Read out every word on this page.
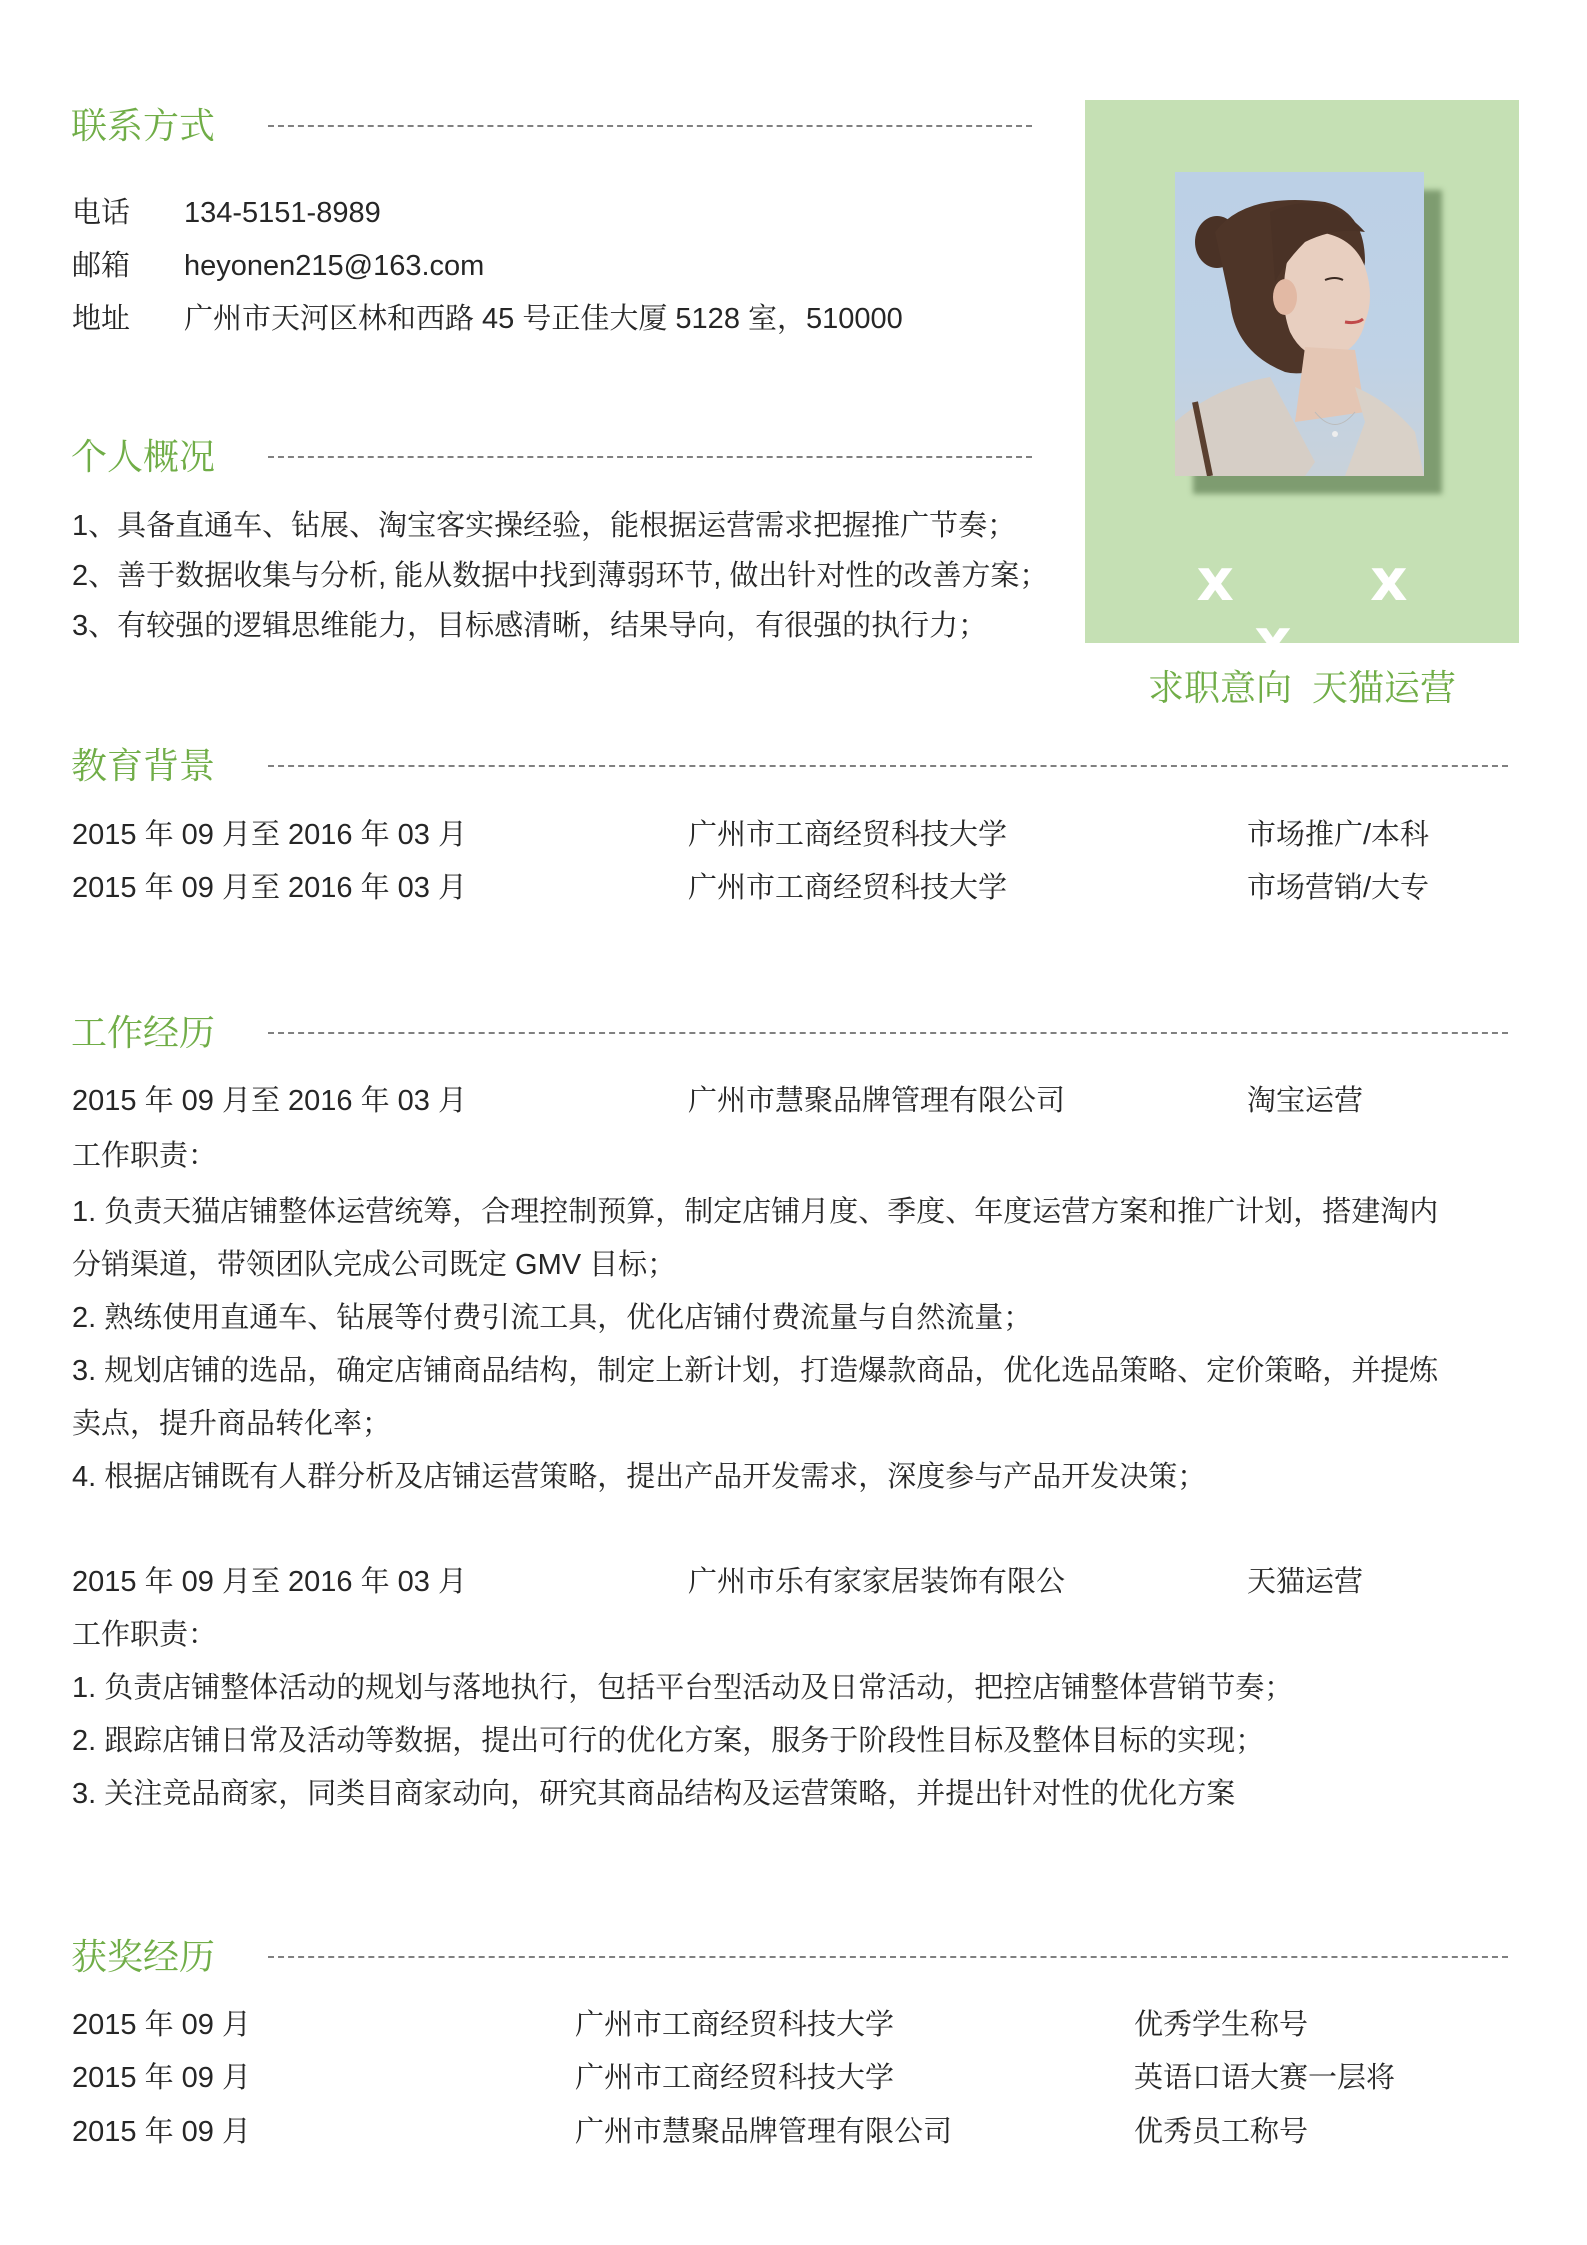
x x x
求职意向 天猫运营
联系方式
电话 134-5151-8989
邮箱 heyonen215@163.com
地址 广州市天河区林和西路 45 号正佳大厦 5128 室，510000
个人概况
1、具备直通车、钻展、淘宝客实操经验，能根据运营需求把握推广节奏；
2、善于数据收集与分析, 能从数据中找到薄弱环节, 做出针对性的改善方案；
3、有较强的逻辑思维能力，目标感清晰，结果导向，有很强的执行力；
教育背景
2015 年 09 月至 2016 年 03 月	广州市工商经贸科技大学	市场推广/本科
2015 年 09 月至 2016 年 03 月	广州市工商经贸科技大学	市场营销/大专
工作经历
2015 年 09 月至 2016 年 03 月	广州市慧聚品牌管理有限公司	淘宝运营
工作职责：
1. 负责天猫店铺整体运营统筹，合理控制预算，制定店铺月度、季度、年度运营方案和推广计划，搭建淘内
分销渠道，带领团队完成公司既定 GMV 目标；
2. 熟练使用直通车、钻展等付费引流工具，优化店铺付费流量与自然流量；
3. 规划店铺的选品，确定店铺商品结构，制定上新计划，打造爆款商品，优化选品策略、定价策略，并提炼
卖点，提升商品转化率；
4. 根据店铺既有人群分析及店铺运营策略，提出产品开发需求，深度参与产品开发决策；
2015 年 09 月至 2016 年 03 月	广州市乐有家家居装饰有限公	天猫运营
工作职责：
1. 负责店铺整体活动的规划与落地执行，包括平台型活动及日常活动，把控店铺整体营销节奏；
2. 跟踪店铺日常及活动等数据，提出可行的优化方案，服务于阶段性目标及整体目标的实现；
3. 关注竞品商家，同类目商家动向，研究其商品结构及运营策略，并提出针对性的优化方案
获奖经历
2015 年 09 月	广州市工商经贸科技大学	优秀学生称号
2015 年 09 月	广州市工商经贸科技大学	英语口语大赛一层将
2015 年 09 月	广州市慧聚品牌管理有限公司	优秀员工称号
